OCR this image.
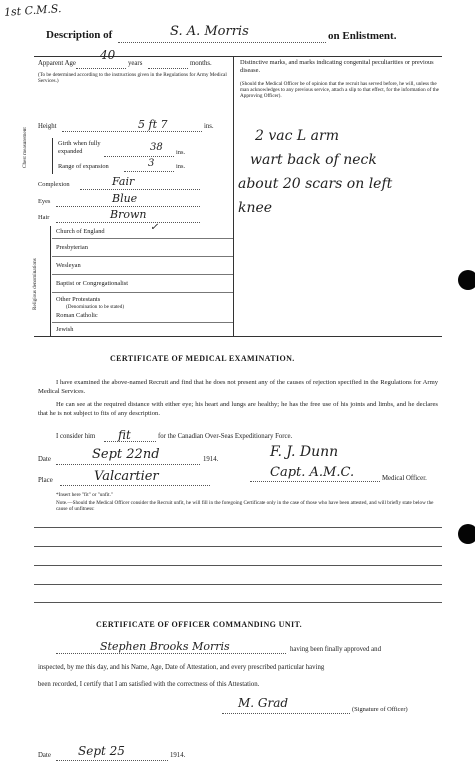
1st C.M.S.
Description of	S. A. Morris	on Enlistment.
Apparent Age
40
years	months.
(To be determined according to the instructions given in the Regulations for Army Medical Services.)
Height	5 ft 7	ins.
Chest measurement	Girth when fully expanded	38 ins.
Range of expansion	3	ins.
Complexion	Fair
Eyes	Blue
Hair	Brown
Religious denominations
Church of England	✓
Presbyterian
Wesleyan
Baptist or Congregationalist
Other Protestants
(Denomination to be stated)
Roman Catholic
Jewish
Distinctive marks, and marks indicating congenital peculiarities or previous disease.
(Should the Medical Officer be of opinion that the recruit has served before, he will, unless the man acknowledges to any previous service, attach a slip to that effect, for the information of the Approving Officer).
2 vac L arm
wart back of neck
about 20 scars on left
knee
CERTIFICATE OF MEDICAL EXAMINATION.
I have examined the above-named Recruit and find that he does not present any of the causes of rejection specified in the Regulations for Army Medical Services.
He can see at the required distance with either eye; his heart and lungs are healthy; he has the free use of his joints and limbs, and he declares that he is not subject to fits of any description.
I consider him fit	for the Canadian Over-Seas Expeditionary Force.
Date	Sept 22nd	1914.	F. J. Dunn
Capt. A.M.C.	Medical Officer.
Place	Valcartier
*Insert here "fit" or "unfit."
Note.—Should the Medical Officer consider the Recruit unfit, he will fill in the foregoing Certificate only in the case of those who have been attested, and will briefly state below the cause of unfitness:
CERTIFICATE OF OFFICER COMMANDING UNIT.
Stephen Brooks Morris	having been finally approved and
inspected, by me this day, and his Name, Age, Date of Attestation, and every prescribed particular having
been recorded, I certify that I am satisfied with the correctness of this Attestation.
M. Grad	(Signature of Officer)
Date Sept 25	1914.
